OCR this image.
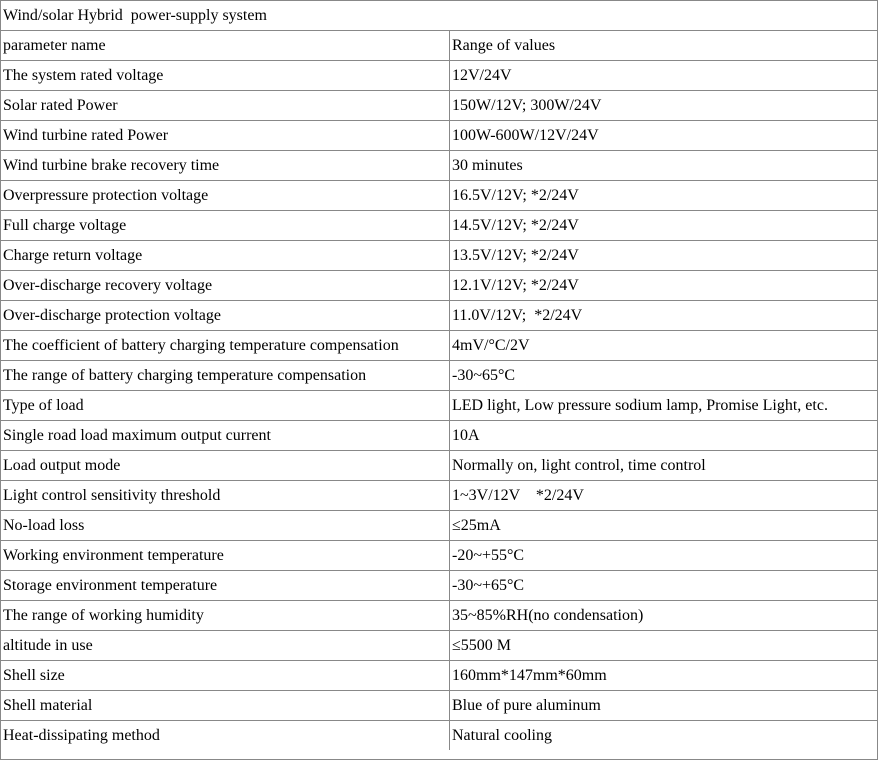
Wind/solar Hybrid  power-supply system
parameter name	Range of values
The system rated voltage	12V/24V
Solar rated Power	150W/12V; 300W/24V
Wind turbine rated Power	100W-600W/12V/24V
Wind turbine brake recovery time	30 minutes
Overpressure protection voltage	16.5V/12V; *2/24V
Full charge voltage	14.5V/12V; *2/24V
Charge return voltage	13.5V/12V; *2/24V
Over-discharge recovery voltage	12.1V/12V; *2/24V
Over-discharge protection voltage	11.0V/12V;  *2/24V
The coefficient of battery charging temperature compensation	4mV/°C/2V
The range of battery charging temperature compensation	-30~65°C
Type of load	LED light, Low pressure sodium lamp, Promise Light, etc.
Single road load maximum output current	10A
Load output mode	Normally on, light control, time control
Light control sensitivity threshold	1~3V/12V    *2/24V
No-load loss	≤25mA
Working environment temperature	-20~+55°C
Storage environment temperature	-30~+65°C
The range of working humidity	35~85%RH(no condensation)
altitude in use	≤5500 M
Shell size	160mm*147mm*60mm
Shell material	Blue of pure aluminum
Heat-dissipating method	Natural cooling
